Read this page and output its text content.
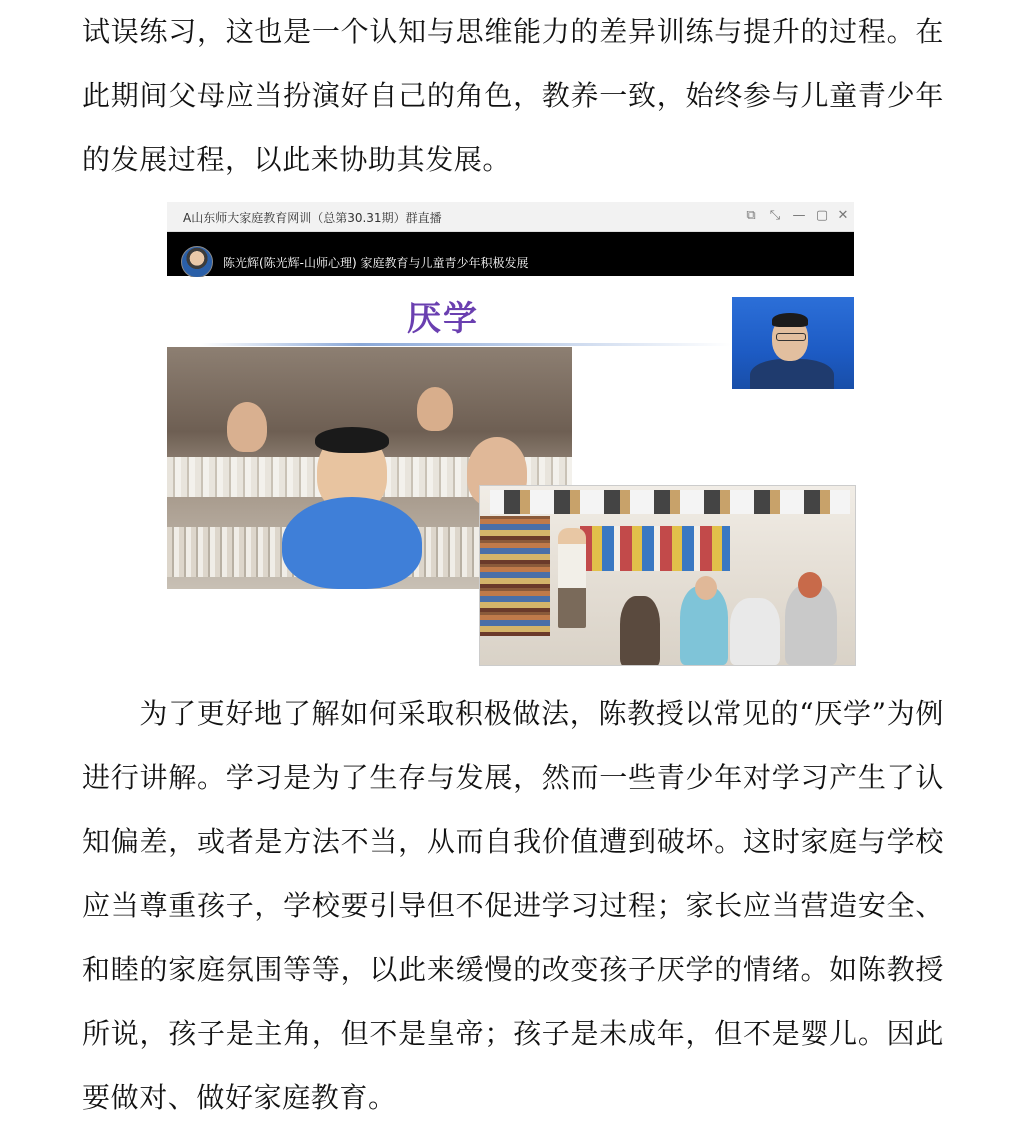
试误练习，这也是一个认知与思维能力的差异训练与提升的过程。在此期间父母应当扮演好自己的角色，教养一致，始终参与儿童青少年的发展过程，以此来协助其发展。

A山东师大家庭教育网训（总第30.31期）群直播	⧉	⤡ — ▢ ✕
陈光辉(陈光辉-山师心理) 家庭教育与儿童青少年积极发展
厌学

　　为了更好地了解如何采取积极做法，陈教授以常见的“厌学”为例进行讲解。学习是为了生存与发展，然而一些青少年对学习产生了认知偏差，或者是方法不当，从而自我价值遭到破坏。这时家庭与学校应当尊重孩子，学校要引导但不促进学习过程；家长应当营造安全、和睦的家庭氛围等等，以此来缓慢的改变孩子厌学的情绪。如陈教授所说，孩子是主角，但不是皇帝；孩子是未成年，但不是婴儿。因此要做对、做好家庭教育。
